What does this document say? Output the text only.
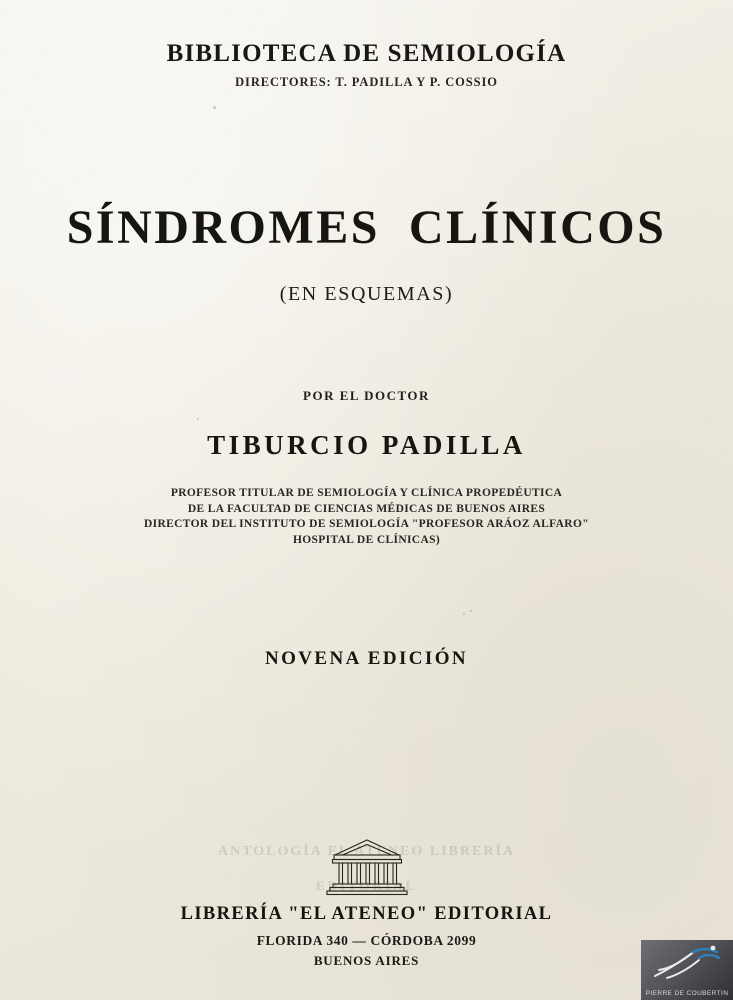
BIBLIOTECA DE SEMIOLOGÍA
DIRECTORES: T. PADILLA Y P. COSSIO
SÍNDROMES  CLÍNICOS
(EN ESQUEMAS)
POR EL DOCTOR
TIBURCIO PADILLA
PROFESOR TITULAR DE SEMIOLOGÍA Y CLÍNICA PROPEDÉUTICA
DE LA FACULTAD DE CIENCIAS MÉDICAS DE BUENOS AIRES
DIRECTOR DEL INSTITUTO DE SEMIOLOGÍA "PROFESOR ARÁOZ ALFARO"
HOSPITAL DE CLÍNICAS)
NOVENA EDICIÓN
ANTOLOGÍA EL ATENEO LIBRERÍA
EDITORIAL
LIBRERÍA "EL ATENEO" EDITORIAL
FLORIDA 340 — CÓRDOBA 2099
BUENOS AIRES
PIERRE DE COUBERTIN
